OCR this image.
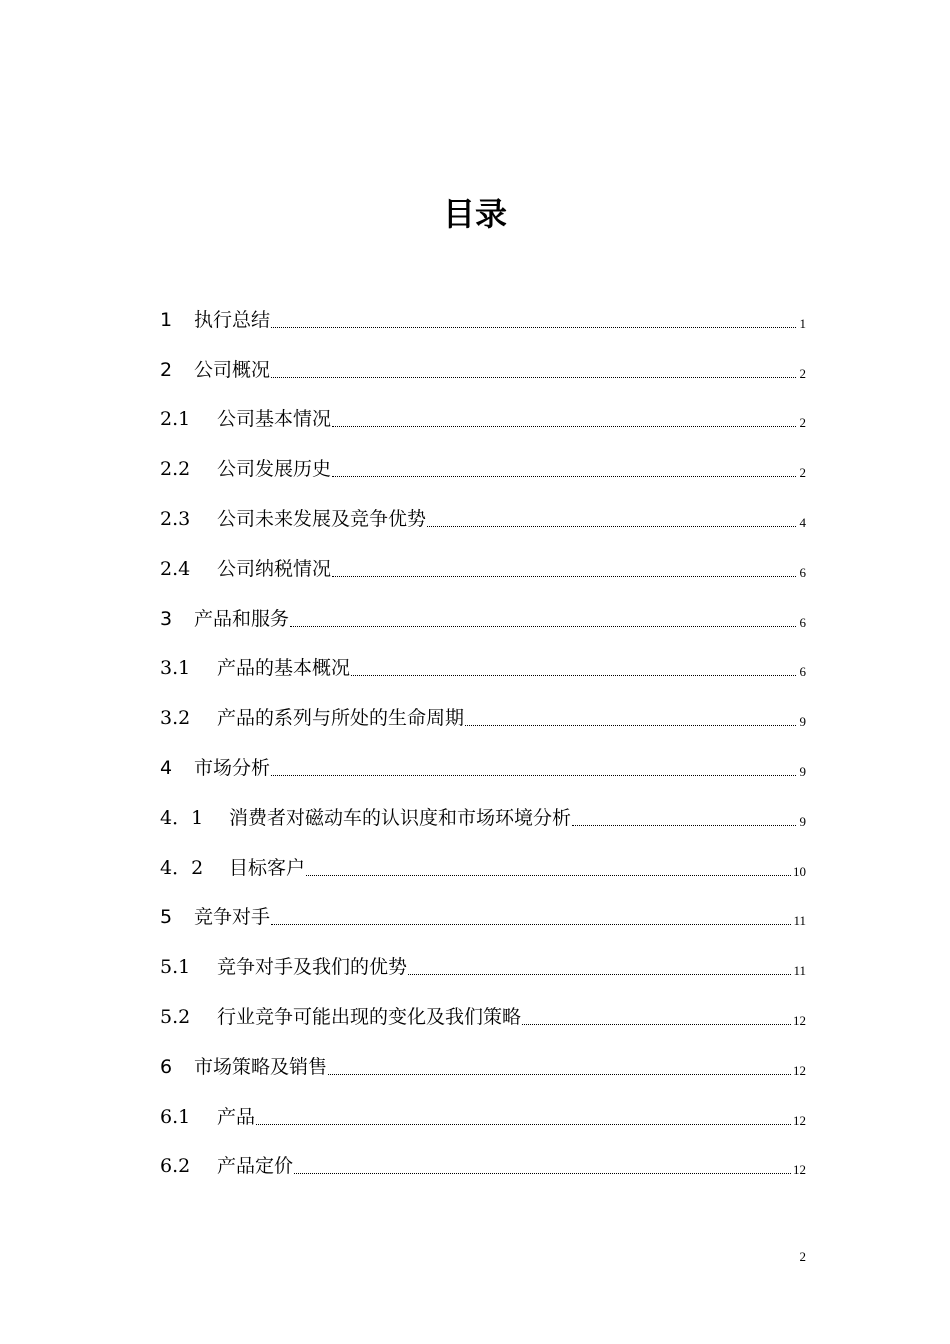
目录
1 执行总结	1
2 公司概况	2
2.1 公司基本情况	2
2.2 公司发展历史	2
2.3 公司未来发展及竞争优势	4
2.4 公司纳税情况	6
3 产品和服务	6
3.1 产品的基本概况	6
3.2 产品的系列与所处的生命周期	9
4 市场分析	9
4．1 消费者对磁动车的认识度和市场环境分析	9
4．2 目标客户	10
5 竞争对手	11
5.1 竞争对手及我们的优势	11
5.2 行业竞争可能出现的变化及我们策略	12
6 市场策略及销售	12
6.1 产品	12
6.2 产品定价	12
2
